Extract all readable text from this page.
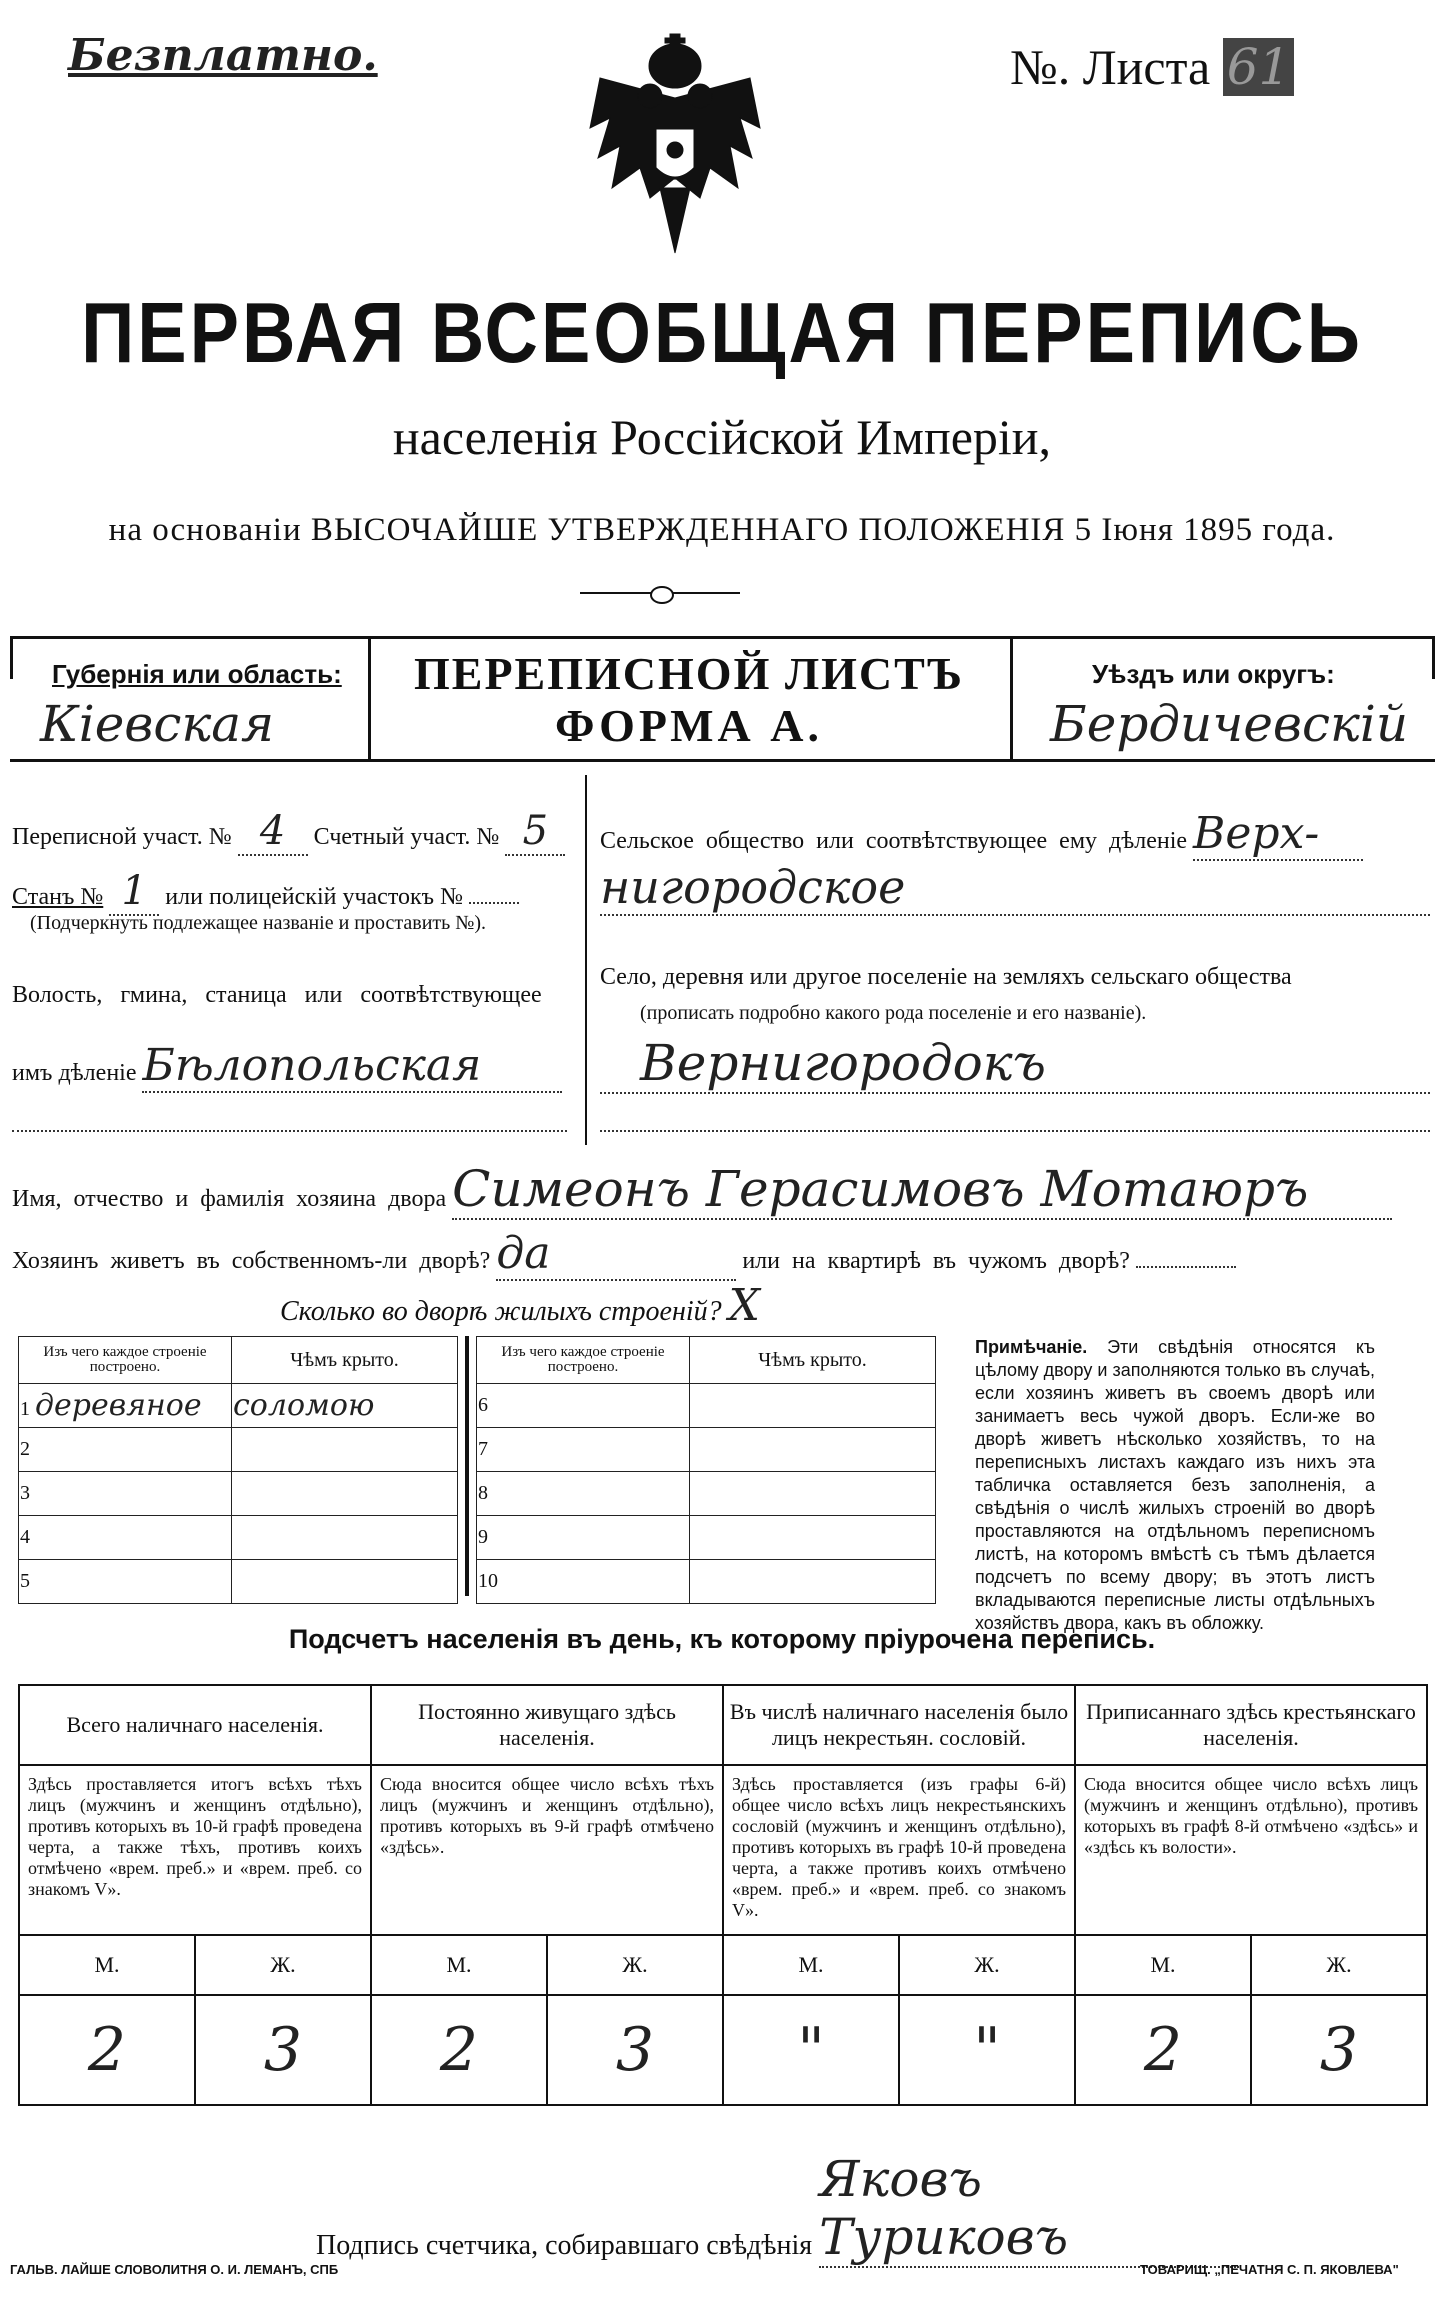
Безплатно.	№. Листа 61
ПЕРВАЯ ВСЕОБЩАЯ ПЕРЕПИСЬ
населенія Россійской Имперіи,
на основаніи ВЫСОЧАЙШЕ УТВЕРЖДЕННАГО ПОЛОЖЕНІЯ 5 Іюня 1895 года.
Губернія или область:
Кіевская
ПЕРЕПИСНОЙ ЛИСТЪ
ФОРМА А.
Уѣздъ или округъ:
Бердичевскій
Переписной участ. № 4 Счетный участ. № 5
Станъ № 1 или полицейскій участокъ №
(Подчеркнуть подлежащее названіе и проставить №).
Волость, гмина, станица или соотвѣтствующее
имъ дѣленіе Бѣлопольская
Сельское общество или соотвѣтствующее ему дѣленіе Верх-
нигородское
Село, деревня или другое поселеніе на земляхъ сельскаго общества
(прописать подробно какого рода поселеніе и его названіе).
Вернигородокъ
Имя, отчество и фамилія хозяина двора Симеонъ Герасимовъ Мотаюръ
Хозяинъ живетъ въ собственномъ-ли дворѣ? да	или на квартирѣ въ чужомъ дворѣ?
Сколько во дворѣ жилыхъ строеній? X
Изъ чего каждое строеніе построено.	Чѣмъ крыто.
1 деревяное	соломою
2	
3	
4	
5	
Изъ чего каждое строеніе построено.	Чѣмъ крыто.
6	
7	
8	
9	
10	
Примѣчаніе. Эти свѣдѣнія относятся къ цѣлому двору и заполняются только въ случаѣ, если хозяинъ живетъ въ своемъ дворѣ или занимаетъ весь чужой дворъ. Если-же во дворѣ живетъ нѣсколько хозяйствъ, то на переписныхъ листахъ каждаго изъ нихъ эта табличка оставляется безъ заполненія, а свѣдѣнія о числѣ жилыхъ строеній во дворѣ проставляются на отдѣльномъ переписномъ листѣ, на которомъ вмѣстѣ съ тѣмъ дѣлается подсчетъ по всему двору; въ этотъ листъ вкладываются переписные листы отдѣльныхъ хозяйствъ двора, какъ въ обложку.
Подсчетъ населенія въ день, къ которому пріурочена перепись.
Всего наличнаго населенія.		Постоянно живущаго здѣсь населенія.		Въ числѣ наличнаго населенія было лицъ некрестьян. сословій.		Приписаннаго здѣсь крестьянскаго населенія.	
Здѣсь проставляется итогъ всѣхъ тѣхъ лицъ (мужчинъ и женщинъ отдѣльно), противъ которыхъ въ 10-й графѣ проведена черта, а также тѣхъ, противъ коихъ отмѣчено «врем. преб.» и «врем. преб. со знакомъ V».		Сюда вносится общее число всѣхъ тѣхъ лицъ (мужчинъ и женщинъ отдѣльно), противъ которыхъ въ 9-й графѣ отмѣчено «здѣсь».		Здѣсь проставляется (изъ графы 6-й) общее число всѣхъ лицъ некрестьянскихъ сословій (мужчинъ и женщинъ отдѣльно), противъ которыхъ въ графѣ 10-й проведена черта, а также противъ коихъ отмѣчено «врем. преб.» и «врем. преб. со знакомъ V».		Сюда вносится общее число всѣхъ лицъ (мужчинъ и женщинъ отдѣльно), противъ которыхъ въ графѣ 8-й отмѣчено «здѣсь» и «здѣсь къ волости».	
М.	Ж.	М.	Ж.	М.	Ж.	М.	Ж.
2	3	2	3	"	"	2	3
Подпись счетчика, собиравшаго свѣдѣнія Яковъ Туриковъ
ГАЛЬВ. ЛАЙШЕ СЛОВОЛИТНЯ О. И. ЛЕМАНЪ, СПБ	ТОВАРИЩ. „ПЕЧАТНЯ С. П. ЯКОВЛЕВА"
